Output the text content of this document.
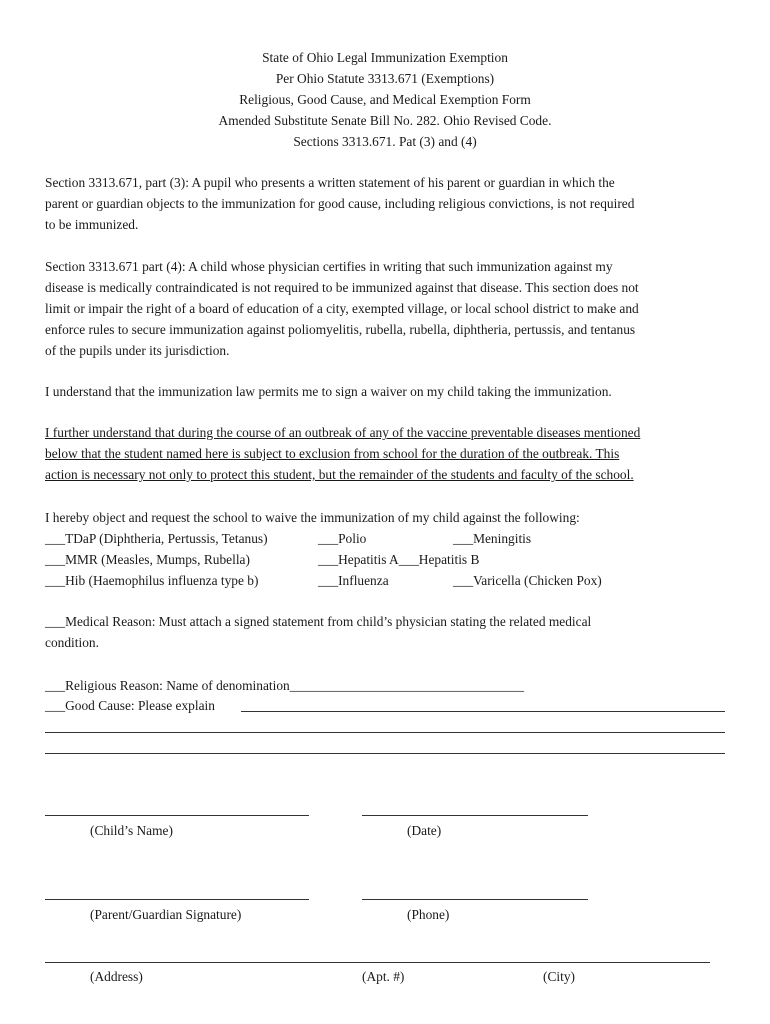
State of Ohio Legal Immunization Exemption
Per Ohio Statute 3313.671 (Exemptions)
Religious, Good Cause, and Medical Exemption Form
Amended Substitute Senate Bill No. 282. Ohio Revised Code.
Sections 3313.671. Pat (3) and (4)
Section 3313.671, part (3): A pupil who presents a written statement of his parent or guardian in which the
parent or guardian objects to the immunization for good cause, including religious convictions, is not required
to be immunized.
Section 3313.671 part (4): A child whose physician certifies in writing that such immunization against my
disease is medically contraindicated is not required to be immunized against that disease. This section does not
limit or impair the right of a board of education of a city, exempted village, or local school district to make and
enforce rules to secure immunization against poliomyelitis, rubella, rubella, diphtheria, pertussis, and tentanus
of the pupils under its jurisdiction.
I understand that the immunization law permits me to sign a waiver on my child taking the immunization.
I further understand that during the course of an outbreak of any of the vaccine preventable diseases mentioned
below that the student named here is subject to exclusion from school for the duration of the outbreak. This
action is necessary not only to protect this student, but the remainder of the students and faculty of the school.
I hereby object and request the school to waive the immunization of my child against the following:
___TDaP (Diphtheria, Pertussis, Tetanus)	___Polio	___Meningitis
___MMR (Measles, Mumps, Rubella)	___Hepatitis A___Hepatitis B
___Hib (Haemophilus influenza type b)	___Influenza	___Varicella (Chicken Pox)
___Medical Reason: Must attach a signed statement from child’s physician stating the related medical
condition.
___Religious Reason: Name of denomination___________________________________
___Good Cause: Please explain
(Child’s Name)	(Date)
(Parent/Guardian Signature)	(Phone)
(Address)	(Apt. #)	(City)
